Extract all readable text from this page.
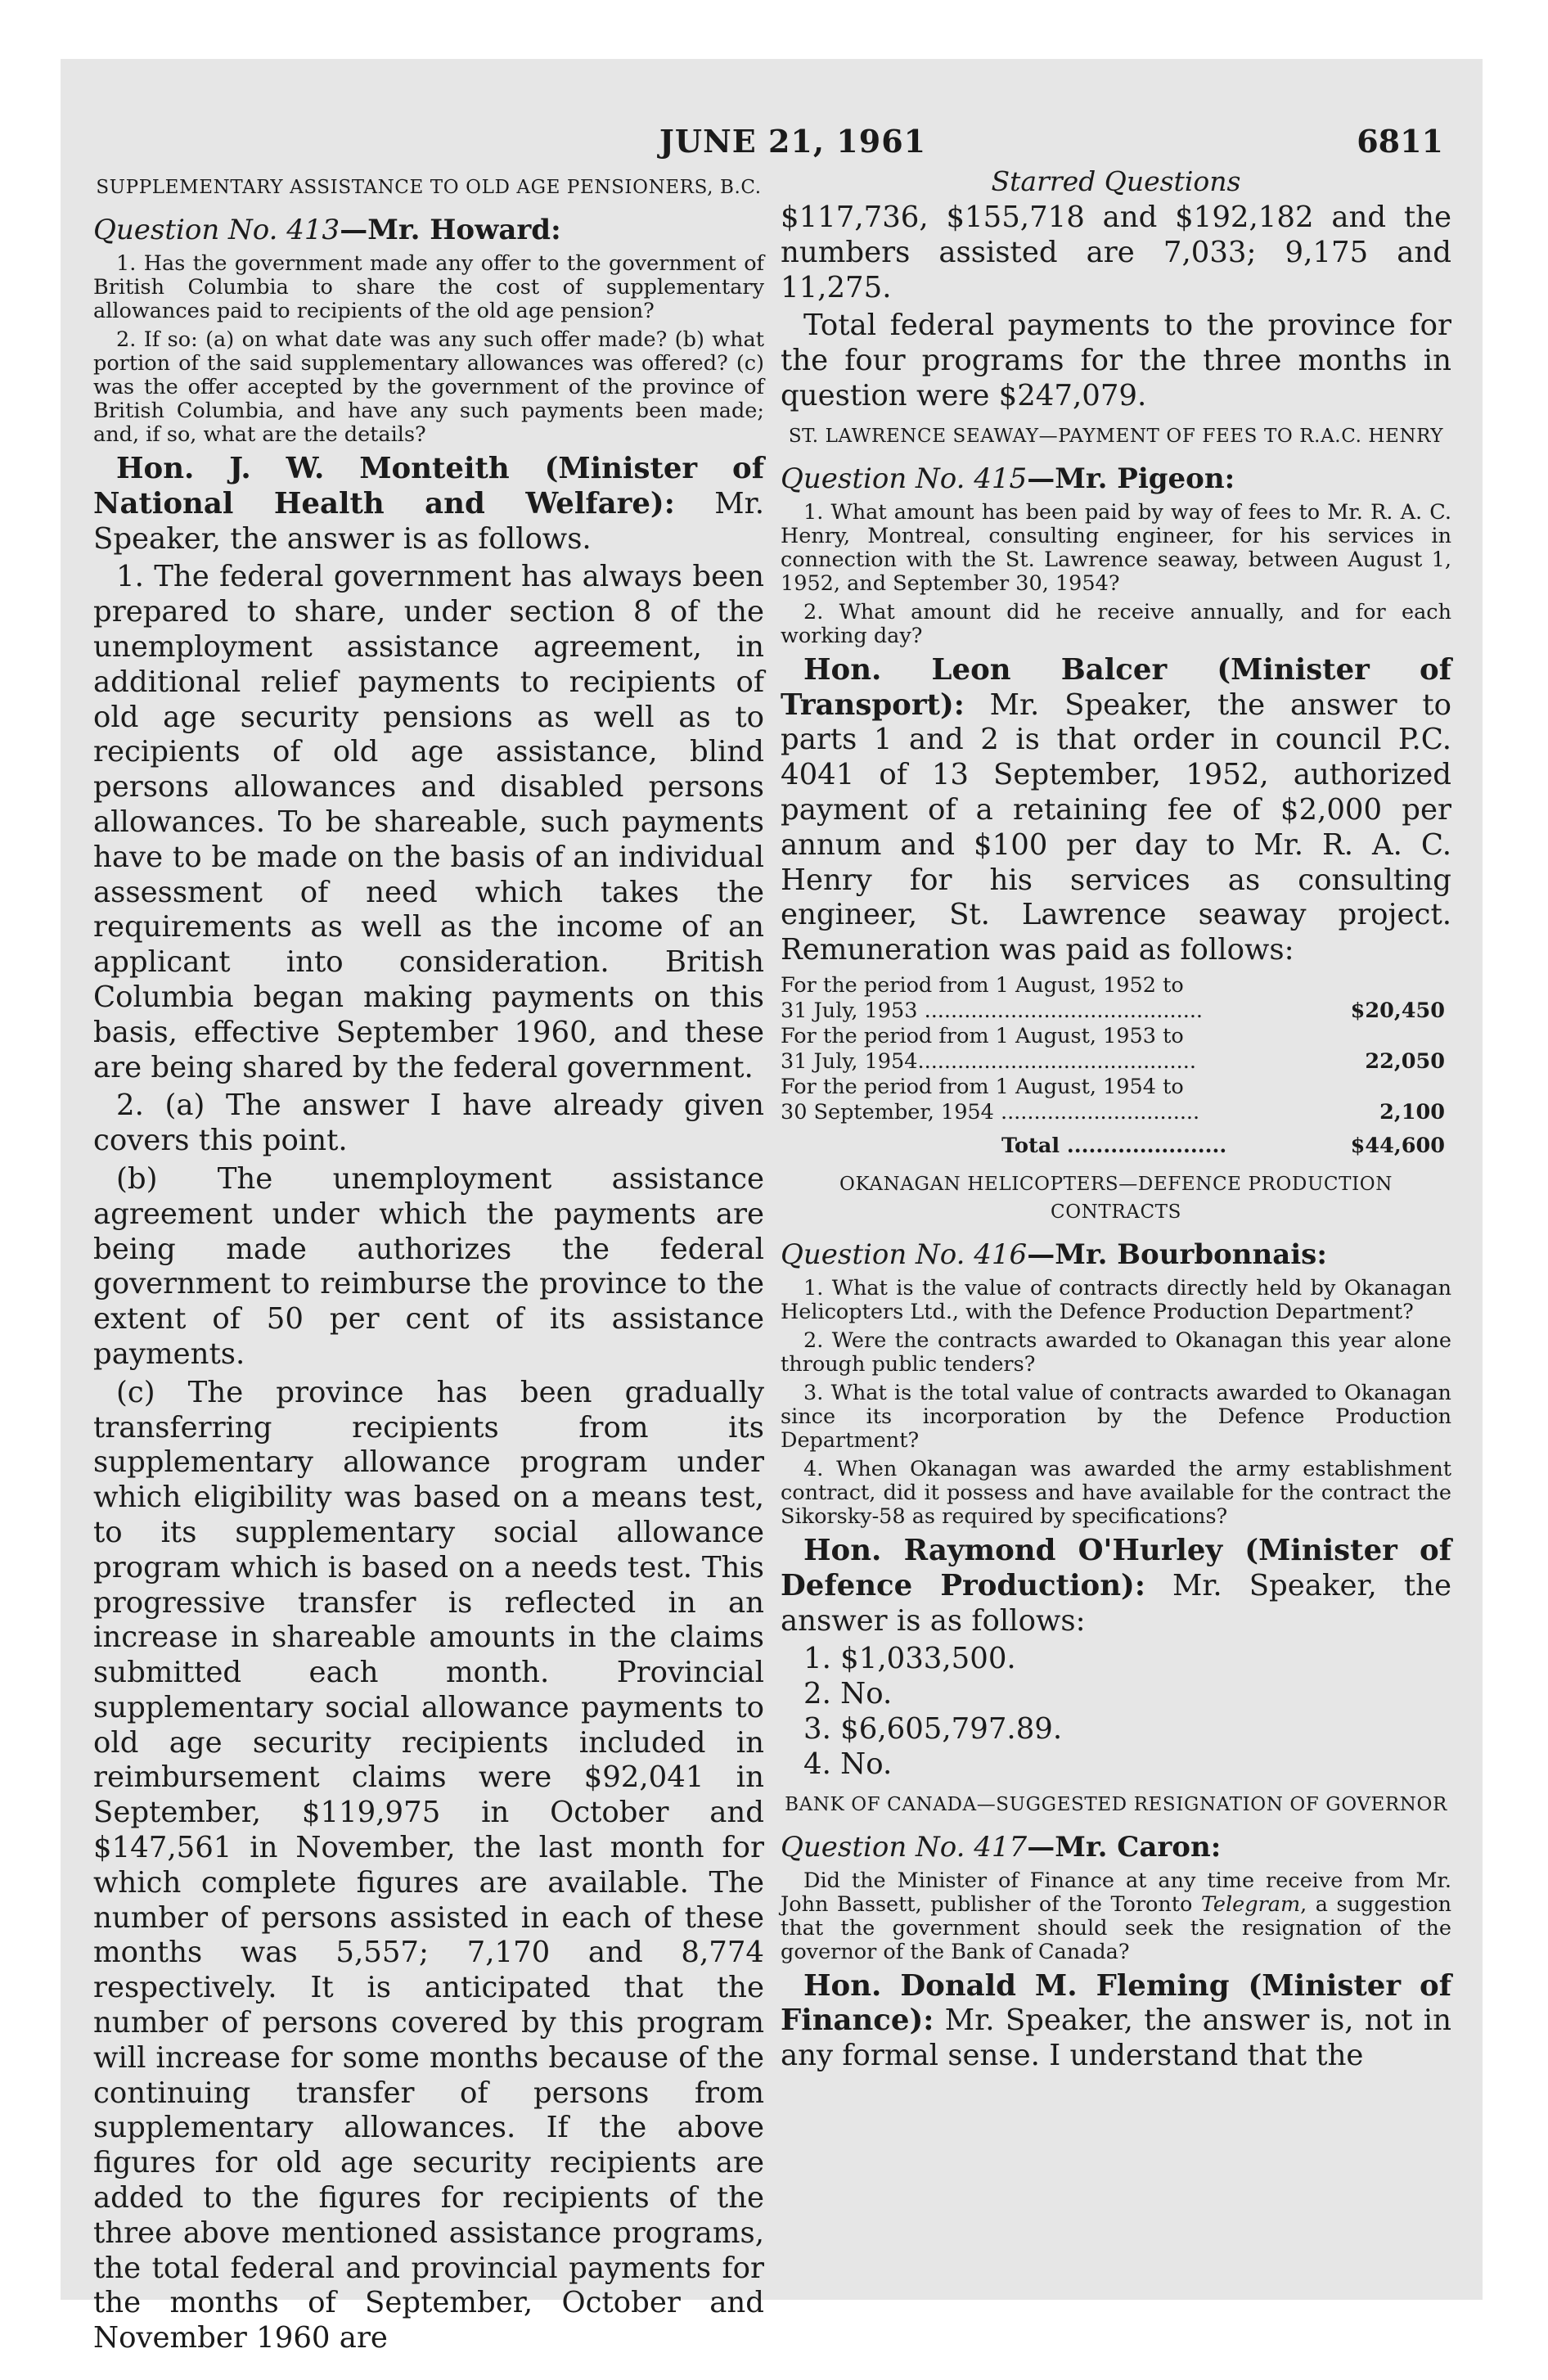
JUNE 21, 1961	6811
SUPPLEMENTARY ASSISTANCE TO OLD AGE PENSIONERS, B.C.
Question No. 413—Mr. Howard:

1. Has the government made any offer to the government of British Columbia to share the cost of supplementary allowances paid to recipients of the old age pension?

2. If so: (a) on what date was any such offer made? (b) what portion of the said supplementary allowances was offered? (c) was the offer accepted by the government of the province of British Columbia, and have any such payments been made; and, if so, what are the details?

Hon. J. W. Monteith (Minister of National Health and Welfare): Mr. Speaker, the answer is as follows.

1. The federal government has always been prepared to share, under section 8 of the unemployment assistance agreement, in additional relief payments to recipients of old age security pensions as well as to recipients of old age assistance, blind persons allowances and disabled persons allowances. To be shareable, such payments have to be made on the basis of an individual assessment of need which takes the requirements as well as the income of an applicant into consideration. British Columbia began making payments on this basis, effective September 1960, and these are being shared by the federal government.

2. (a) The answer I have already given covers this point.

(b) The unemployment assistance agreement under which the payments are being made authorizes the federal government to reimburse the province to the extent of 50 per cent of its assistance payments.

(c) The province has been gradually transferring recipients from its supplementary allowance program under which eligibility was based on a means test, to its supplementary social allowance program which is based on a needs test. This progressive transfer is reflected in an increase in shareable amounts in the claims submitted each month. Provincial supplementary social allowance payments to old age security recipients included in reimbursement claims were $92,041 in September, $119,975 in October and $147,561 in November, the last month for which complete figures are available. The number of persons assisted in each of these months was 5,557; 7,170 and 8,774 respectively. It is anticipated that the number of persons covered by this program will increase for some months because of the continuing transfer of persons from supplementary allowances. If the above figures for old age security recipients are added to the figures for recipients of the three above mentioned assistance programs, the total federal and provincial payments for the months of September, October and November 1960 are

Starred Questions

$117,736, $155,718 and $192,182 and the numbers assisted are 7,033; 9,175 and 11,275.

Total federal payments to the province for the four programs for the three months in question were $247,079.

ST. LAWRENCE SEAWAY—PAYMENT OF FEES TO R.A.C. HENRY
Question No. 415—Mr. Pigeon:

1. What amount has been paid by way of fees to Mr. R. A. C. Henry, Montreal, consulting engineer, for his services in connection with the St. Lawrence seaway, between August 1, 1952, and September 30, 1954?

2. What amount did he receive annually, and for each working day?

Hon. Leon Balcer (Minister of Transport): Mr. Speaker, the answer to parts 1 and 2 is that order in council P.C. 4041 of 13 September, 1952, authorized payment of a retaining fee of $2,000 per annum and $100 per day to Mr. R. A. C. Henry for his services as consulting engineer, St. Lawrence seaway project. Remuneration was paid as follows:

For the period from 1 August, 1952 to
31 July, 1953 ..........................................	$20,450
For the period from 1 August, 1953 to
31 July, 1954..........................................	22,050
For the period from 1 August, 1954 to
30 September, 1954 ..............................	2,100
Total ......................	$44,600
OKANAGAN HELICOPTERS—DEFENCE PRODUCTION CONTRACTS
Question No. 416—Mr. Bourbonnais:

1. What is the value of contracts directly held by Okanagan Helicopters Ltd., with the Defence Production Department?

2. Were the contracts awarded to Okanagan this year alone through public tenders?

3. What is the total value of contracts awarded to Okanagan since its incorporation by the Defence Production Department?

4. When Okanagan was awarded the army establishment contract, did it possess and have available for the contract the Sikorsky-58 as required by specifications?

Hon. Raymond O'Hurley (Minister of Defence Production): Mr. Speaker, the answer is as follows:

1. $1,033,500.
2. No.
3. $6,605,797.89.
4. No.
BANK OF CANADA—SUGGESTED RESIGNATION OF GOVERNOR
Question No. 417—Mr. Caron:

Did the Minister of Finance at any time receive from Mr. John Bassett, publisher of the Toronto Telegram, a suggestion that the government should seek the resignation of the governor of the Bank of Canada?

Hon. Donald M. Fleming (Minister of Finance): Mr. Speaker, the answer is, not in any formal sense. I understand that the
